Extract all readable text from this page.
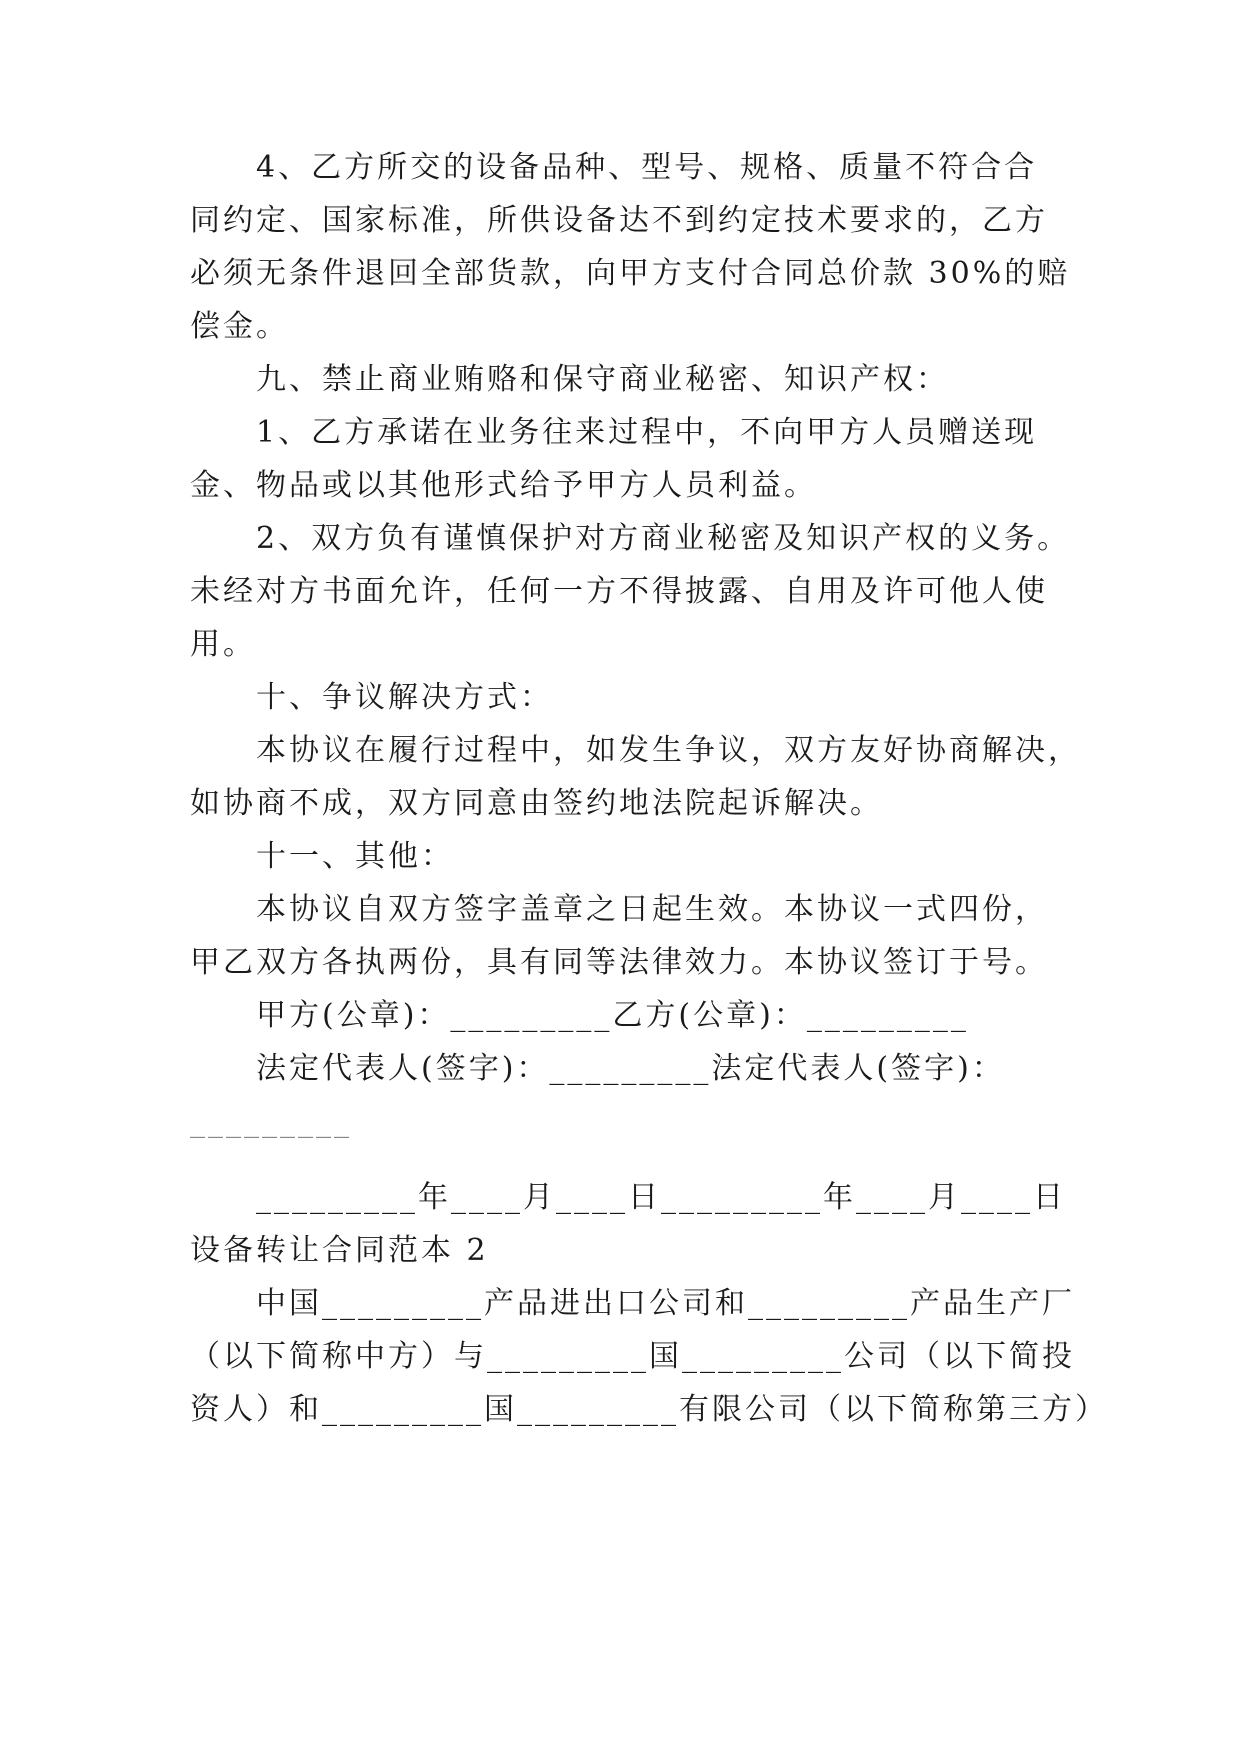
4、乙方所交的设备品种、型号、规格、质量不符合合
同约定、国家标准，所供设备达不到约定技术要求的，乙方
必须无条件退回全部货款，向甲方支付合同总价款 30%的赔
偿金。
九、禁止商业贿赂和保守商业秘密、知识产权：
1、乙方承诺在业务往来过程中，不向甲方人员赠送现
金、物品或以其他形式给予甲方人员利益。
2、双方负有谨慎保护对方商业秘密及知识产权的义务。
未经对方书面允许，任何一方不得披露、自用及许可他人使
用。
十、争议解决方式：
本协议在履行过程中，如发生争议，双方友好协商解决，
如协商不成，双方同意由签约地法院起诉解决。
十一、其他：
本协议自双方签字盖章之日起生效。本协议一式四份，
甲乙双方各执两份，具有同等法律效力。本协议签订于号。
甲方(公章)：_________乙方(公章)：_________
法定代表人(签字)：_________法定代表人(签字)：
_________
_________年____月____日_________年____月____日
设备转让合同范本 2
中国_________产品进出口公司和_________产品生产厂
（以下简称中方）与_________国_________公司（以下简投
资人）和_________国_________有限公司（以下简称第三方）
